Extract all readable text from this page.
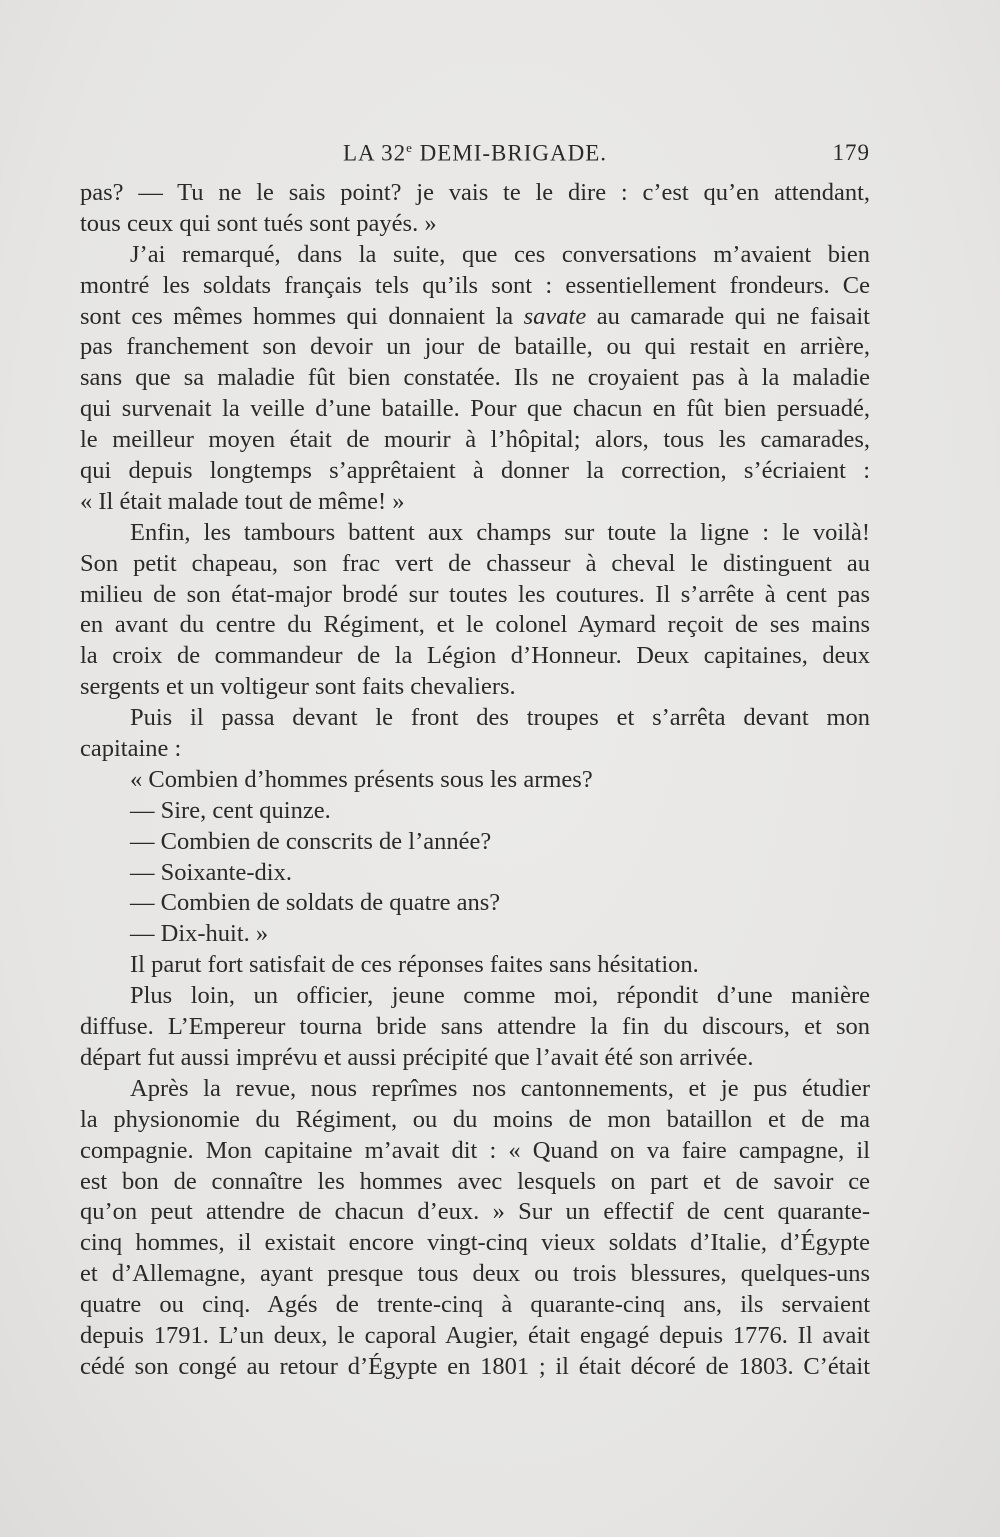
LA 32e DEMI-BRIGADE.	179
pas? — Tu ne le sais point? je vais te le dire : c’est qu’en attendant,
tous ceux qui sont tués sont payés. »
J’ai remarqué, dans la suite, que ces conversations m’avaient bien
montré les soldats français tels qu’ils sont : essentiellement frondeurs. Ce
sont ces mêmes hommes qui donnaient la savate au camarade qui ne faisait
pas franchement son devoir un jour de bataille, ou qui restait en arrière,
sans que sa maladie fût bien constatée. Ils ne croyaient pas à la maladie
qui survenait la veille d’une bataille. Pour que chacun en fût bien persuadé,
le meilleur moyen était de mourir à l’hôpital; alors, tous les camarades,
qui depuis longtemps s’apprêtaient à donner la correction, s’écriaient :
« Il était malade tout de même! »
Enfin, les tambours battent aux champs sur toute la ligne : le voilà!
Son petit chapeau, son frac vert de chasseur à cheval le distinguent au
milieu de son état-major brodé sur toutes les coutures. Il s’arrête à cent pas
en avant du centre du Régiment, et le colonel Aymard reçoit de ses mains
la croix de commandeur de la Légion d’Honneur. Deux capitaines, deux
sergents et un voltigeur sont faits chevaliers.
Puis il passa devant le front des troupes et s’arrêta devant mon
capitaine :
« Combien d’hommes présents sous les armes?
— Sire, cent quinze.
— Combien de conscrits de l’année?
— Soixante-dix.
— Combien de soldats de quatre ans?
— Dix-huit. »
Il parut fort satisfait de ces réponses faites sans hésitation.
Plus loin, un officier, jeune comme moi, répondit d’une manière
diffuse. L’Empereur tourna bride sans attendre la fin du discours, et son
départ fut aussi imprévu et aussi précipité que l’avait été son arrivée.
Après la revue, nous reprîmes nos cantonnements, et je pus étudier
la physionomie du Régiment, ou du moins de mon bataillon et de ma
compagnie. Mon capitaine m’avait dit : « Quand on va faire campagne, il
est bon de connaître les hommes avec lesquels on part et de savoir ce
qu’on peut attendre de chacun d’eux. » Sur un effectif de cent quarante-
cinq hommes, il existait encore vingt-cinq vieux soldats d’Italie, d’Égypte
et d’Allemagne, ayant presque tous deux ou trois blessures, quelques-uns
quatre ou cinq. Agés de trente-cinq à quarante-cinq ans, ils servaient
depuis 1791. L’un deux, le caporal Augier, était engagé depuis 1776. Il avait
cédé son congé au retour d’Égypte en 1801 ; il était décoré de 1803. C’était
